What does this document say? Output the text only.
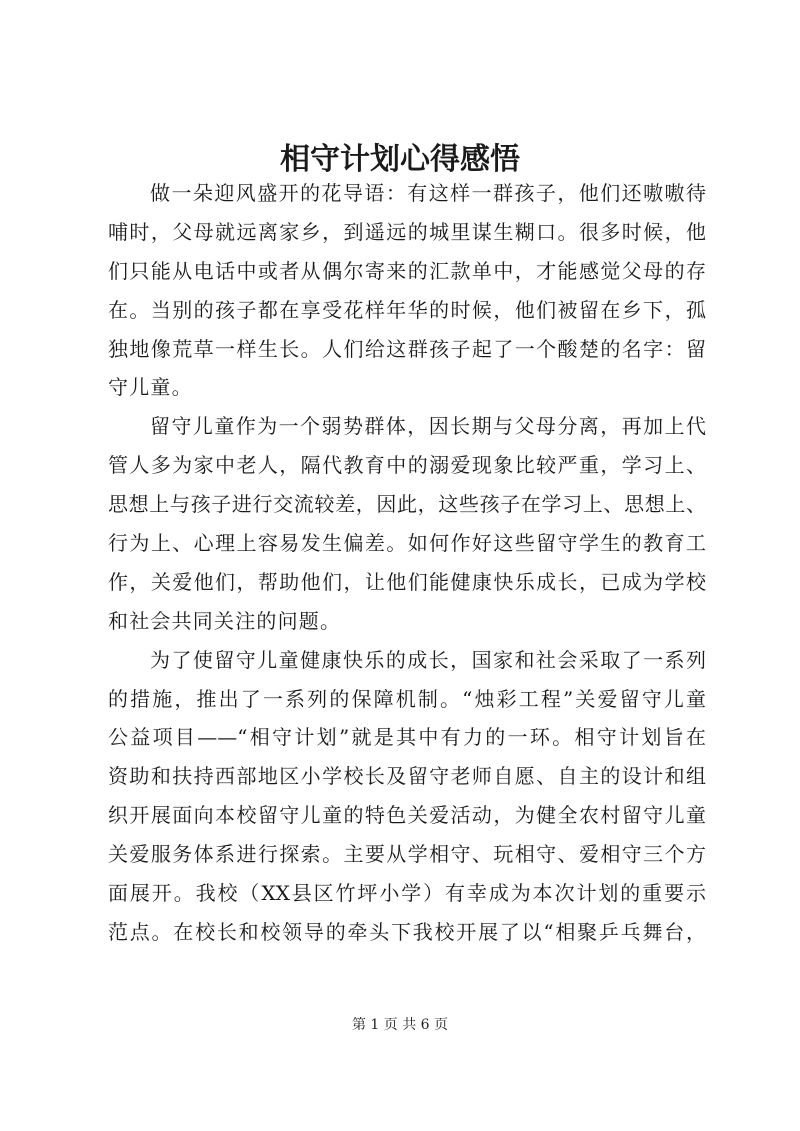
相守计划心得感悟
做一朵迎风盛开的花导语：有这样一群孩子，他们还嗷嗷待
哺时，父母就远离家乡，到遥远的城里谋生糊口。很多时候，他
们只能从电话中或者从偶尔寄来的汇款单中，才能感觉父母的存
在。当别的孩子都在享受花样年华的时候，他们被留在乡下，孤
独地像荒草一样生长。人们给这群孩子起了一个酸楚的名字：留
守儿童。
留守儿童作为一个弱势群体，因长期与父母分离，再加上代
管人多为家中老人，隔代教育中的溺爱现象比较严重，学习上、
思想上与孩子进行交流较差，因此，这些孩子在学习上、思想上、
行为上、心理上容易发生偏差。如何作好这些留守学生的教育工
作，关爱他们，帮助他们，让他们能健康快乐成长，已成为学校
和社会共同关注的问题。
为了使留守儿童健康快乐的成长，国家和社会采取了一系列
的措施，推出了一系列的保障机制。“烛彩工程”关爱留守儿童
公益项目——“相守计划”就是其中有力的一环。相守计划旨在
资助和扶持西部地区小学校长及留守老师自愿、自主的设计和组
织开展面向本校留守儿童的特色关爱活动，为健全农村留守儿童
关爱服务体系进行探索。主要从学相守、玩相守、爱相守三个方
面展开。我校（XX县区竹坪小学）有幸成为本次计划的重要示
范点。在校长和校领导的牵头下我校开展了以“相聚乒乓舞台，
第 1 页 共 6 页
